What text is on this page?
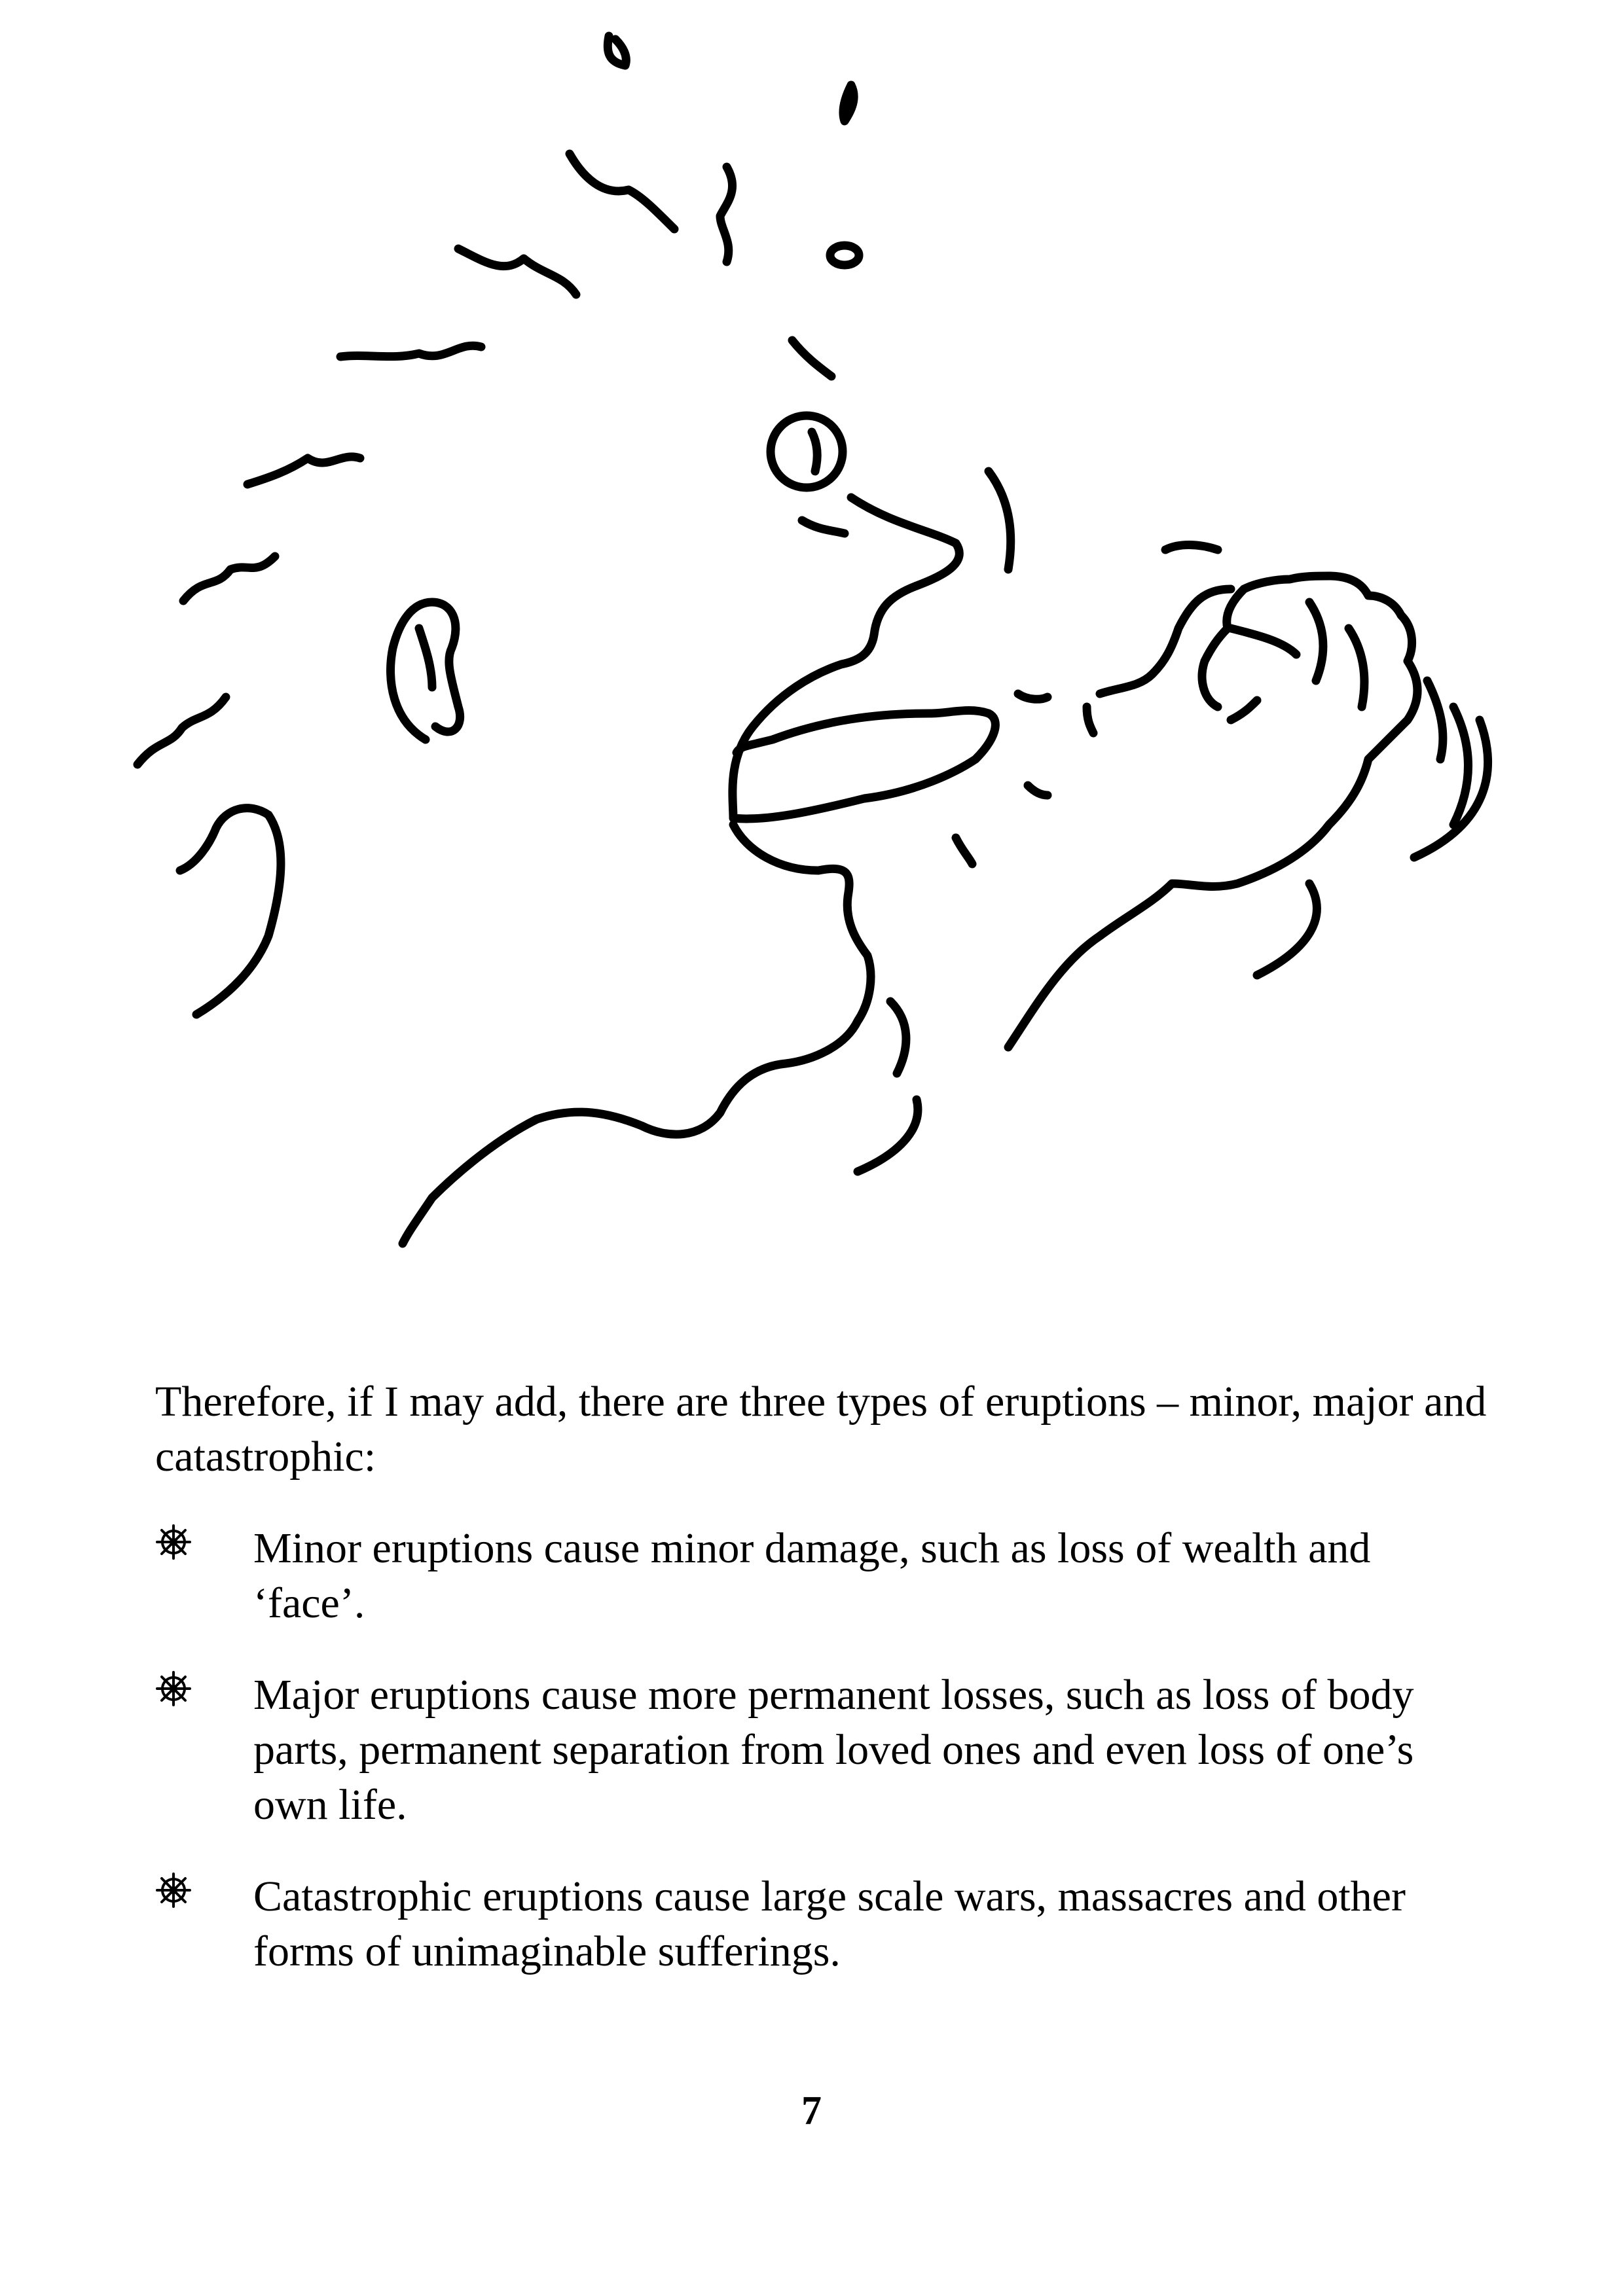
Therefore, if I may add, there are three types of eruptions – minor, major and catastrophic:

Minor eruptions cause minor damage, such as loss of wealth and ‘face’.
Major eruptions cause more permanent losses, such as loss of body parts, permanent separation from loved ones and even loss of one’s own life.
Catastrophic eruptions cause large scale wars, massacres and other forms of unimaginable sufferings.
7
